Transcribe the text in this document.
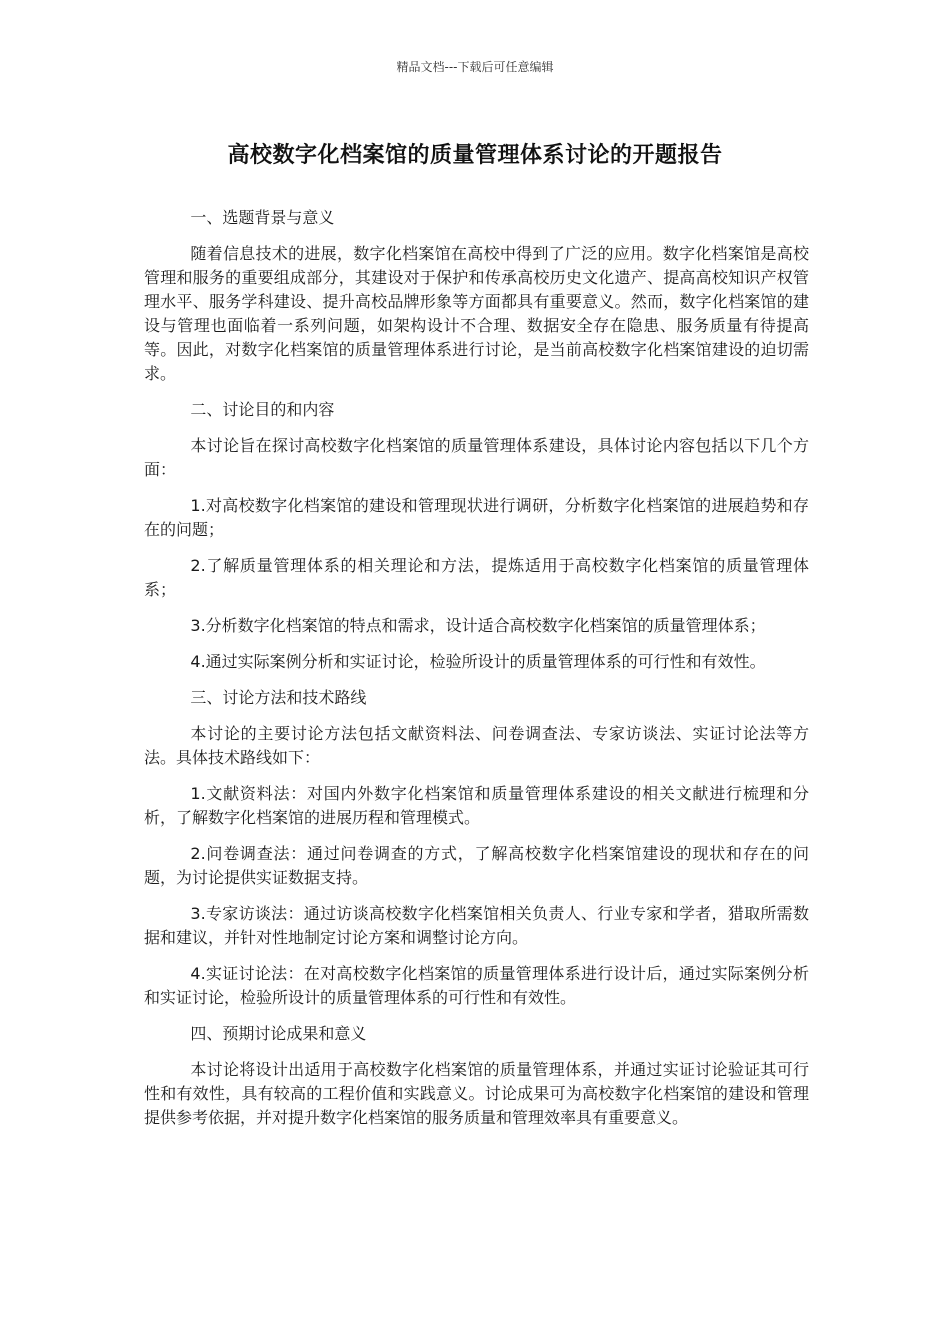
精品文档---下载后可任意编辑
高校数字化档案馆的质量管理体系讨论的开题报告

一、选题背景与意义

随着信息技术的进展，数字化档案馆在高校中得到了广泛的应用。数字化档案馆是高校管理和服务的重要组成部分，其建设对于保护和传承高校历史文化遗产、提高高校知识产权管理水平、服务学科建设、提升高校品牌形象等方面都具有重要意义。然而，数字化档案馆的建设与管理也面临着一系列问题，如架构设计不合理、数据安全存在隐患、服务质量有待提高等。因此，对数字化档案馆的质量管理体系进行讨论，是当前高校数字化档案馆建设的迫切需求。

二、讨论目的和内容

本讨论旨在探讨高校数字化档案馆的质量管理体系建设，具体讨论内容包括以下几个方面：

1.对高校数字化档案馆的建设和管理现状进行调研，分析数字化档案馆的进展趋势和存在的问题；

2.了解质量管理体系的相关理论和方法，提炼适用于高校数字化档案馆的质量管理体系；

3.分析数字化档案馆的特点和需求，设计适合高校数字化档案馆的质量管理体系；

4.通过实际案例分析和实证讨论，检验所设计的质量管理体系的可行性和有效性。

三、讨论方法和技术路线

本讨论的主要讨论方法包括文献资料法、问卷调查法、专家访谈法、实证讨论法等方法。具体技术路线如下：

1.文献资料法：对国内外数字化档案馆和质量管理体系建设的相关文献进行梳理和分析，了解数字化档案馆的进展历程和管理模式。

2.问卷调查法：通过问卷调查的方式，了解高校数字化档案馆建设的现状和存在的问题，为讨论提供实证数据支持。

3.专家访谈法：通过访谈高校数字化档案馆相关负责人、行业专家和学者，猎取所需数据和建议，并针对性地制定讨论方案和调整讨论方向。

4.实证讨论法：在对高校数字化档案馆的质量管理体系进行设计后，通过实际案例分析和实证讨论，检验所设计的质量管理体系的可行性和有效性。

四、预期讨论成果和意义

本讨论将设计出适用于高校数字化档案馆的质量管理体系，并通过实证讨论验证其可行性和有效性，具有较高的工程价值和实践意义。讨论成果可为高校数字化档案馆的建设和管理提供参考依据，并对提升数字化档案馆的服务质量和管理效率具有重要意义。
